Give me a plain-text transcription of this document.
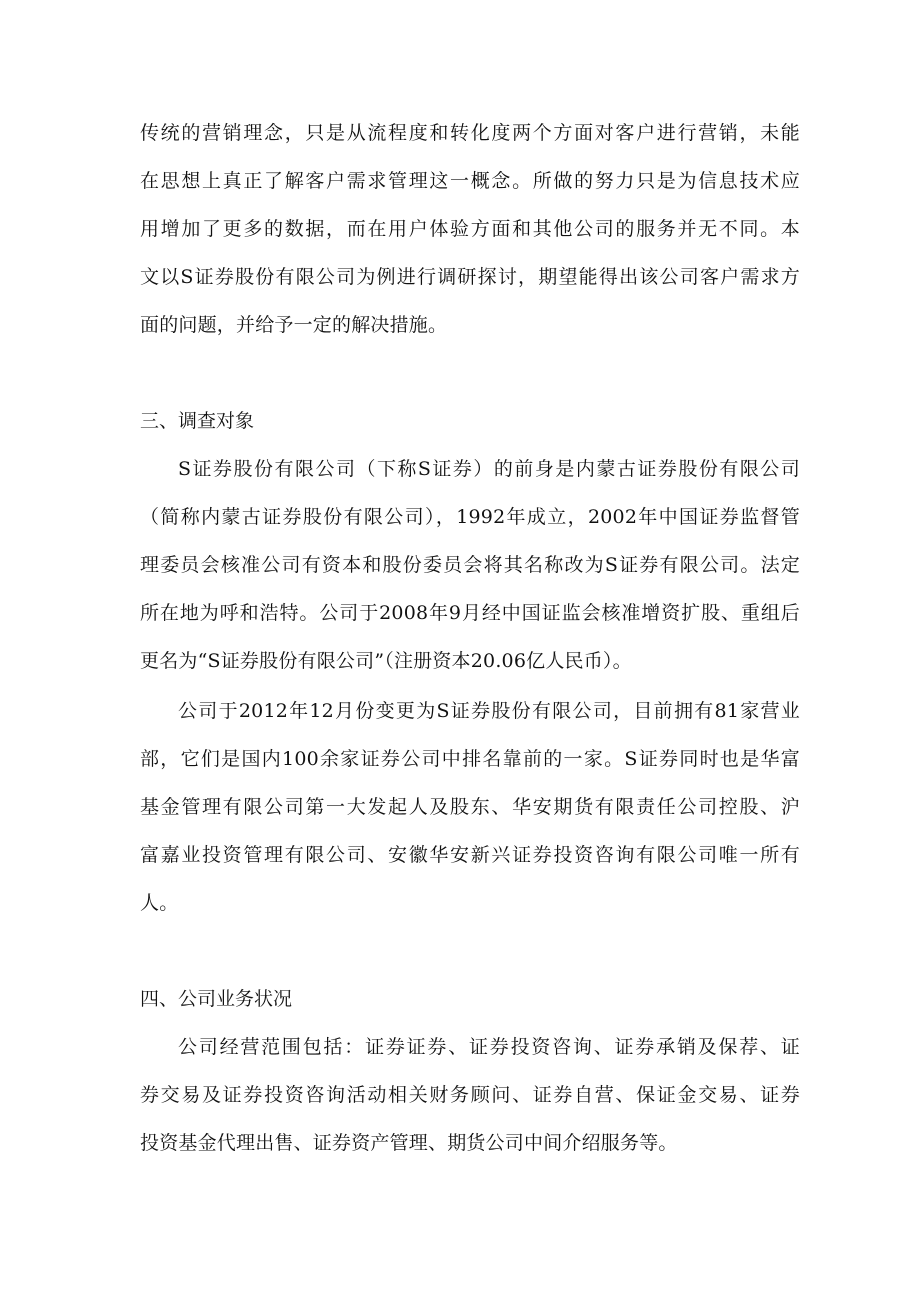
传统的营销理念，只是从流程度和转化度两个方面对客户进行营销，未能
在思想上真正了解客户需求管理这一概念。所做的努力只是为信息技术应
用增加了更多的数据，而在用户体验方面和其他公司的服务并无不同。本
文以S证券股份有限公司为例进行调研探讨，期望能得出该公司客户需求方
面的问题，并给予一定的解决措施。
三、调查对象
S证券股份有限公司（下称S证券）的前身是内蒙古证券股份有限公司
（简称内蒙古证券股份有限公司），1992年成立，2002年中国证券监督管
理委员会核准公司有资本和股份委员会将其名称改为S证券有限公司。法定
所在地为呼和浩特。公司于2008年9月经中国证监会核准增资扩股、重组后
更名为“S证券股份有限公司”（注册资本20.06亿人民币）。
公司于2012年12月份变更为S证券股份有限公司，目前拥有81家营业
部，它们是国内100余家证券公司中排名靠前的一家。S证券同时也是华富
基金管理有限公司第一大发起人及股东、华安期货有限责任公司控股、沪
富嘉业投资管理有限公司、安徽华安新兴证券投资咨询有限公司唯一所有
人。
四、公司业务状况
公司经营范围包括：证券证券、证券投资咨询、证券承销及保荐、证
券交易及证券投资咨询活动相关财务顾问、证券自营、保证金交易、证券
投资基金代理出售、证券资产管理、期货公司中间介绍服务等。
